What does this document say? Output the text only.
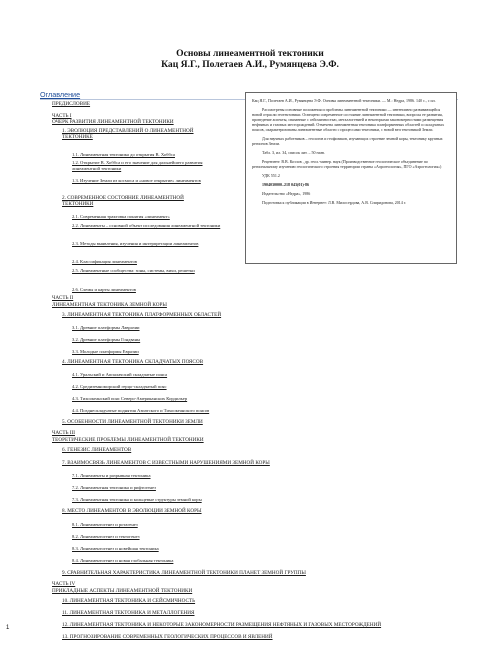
Основы линеаментной тектоники
Кац Я.Г., Полетаев А.И., Румянцева Э.Ф.
Оглавление

Кац Я.Г., Полетаев А.И., Румянцева Э.Ф. Основы линеаментной тектоники. — М.: Недра, 1986. 140 с., с ил.

Рассмотрены основные положения и проблемы линеаментной тектоники — интенсивно развивающейся новой отрасли геотектоники. Освещено современное состояние линеаментной тектоники, вопросы ее развития, проведение аспекты, связанные с сейсмичностью, металлогенией и некоторыми закономерностями размещения нефтяных и газовых месторождений. Отмечена линеаментная тектоника платформенных областей и складчатых поясов, охарактеризованы линеаментные области с процессами тектоники, с новой веп тектоникой Земли.

Для научных работников – геологов и геофизиков, изучающих строение земной коры, тектонику крупных регионов Земли.

Табл. 3, ил. 34, список лит. – 50 назв.

Рецензент: В.В. Козлов , др. геол.-минер. наук (Производственное геологическое объединение по региональному изучению геологического строения территории страны «Аэрогеология», ПГО «Аэрогеология»)

УДК 551.2

1904030000–218 043(01)-86

Издательство «Недра», 1986

Подготовка к публикации в Интернет: Л.В. Милосердова, А.В. Спиридонова, 2014 г.

ПРЕДИСЛОВИЕ
ЧАСТЬ I
ОЧЕРК РАЗВИТИЯ ЛИНЕАМЕНТНОЙ ТЕКТОНИКИ
1. ЭВОЛЮЦИЯ ПРЕДСТАВЛЕНИЙ О ЛИНЕАМЕНТНОЙ ТЕКТОНИКЕ
1.1. Линеаментная тектоника до открытия В. Хоббса
1.2. Открытие В. Хоббса и его значение для дальнейшего развития линеаментной тектоники
1.3. Изучение Земли из космоса и «новое открытие» линеаментов
2. СОВРЕМЕННОЕ СОСТОЯНИЕ ЛИНЕАМЕНТНОЙ ТЕКТОНИКИ
2.1. Современная трактовка понятия «линеамент»
2.2. Линеаменты – основной объект исследования линеаментной тектоники
2.3. Методы выявления, изучения и интерпретации линеаментов
2.4. Классификация линеаментов
2.5. Линеаментные сообщества: зоны, системы, вихи, решетки
2.6. Схемы и карты линеаментов
ЧАСТЬ II
ЛИНЕАМЕНТНАЯ ТЕКТОНИКА ЗЕМНОЙ КОРЫ
3. ЛИНЕАМЕНТНАЯ ТЕКТОНИКА ПЛАТФОРМЕННЫХ ОБЛАСТЕЙ
3.1. Древние платформы Лавразии
3.2. Древние платформы Гондваны
3.3. Молодые платформы Евразии
4. ЛИНЕАМЕНТНАЯ ТЕКТОНИКА СКЛАДЧАТЫХ ПОЯСОВ
4.1. Уральский и Аппалачский складчатые пояса
4.2. Средиземноморский герцо-складчатый пояс
4.3. Тихоокеанский пояс Северо-Американских Кордильер
4.4. Позднескладчатые поднятия Азиатского и Тихоокеанского поясов
5. ОСОБЕННОСТИ ЛИНЕАМЕНТНОЙ ТЕКТОНИКИ ЗЕМЛИ
ЧАСТЬ III
ТЕОРЕТИЧЕСКИЕ ПРОБЛЕМЫ ЛИНЕАМЕНТНОЙ ТЕКТОНИКИ
6. ГЕНЕЗИС ЛИНЕАМЕНТОВ
7. ВЗАИМОСВЯЗЬ ЛИНЕАМЕНТОВ С ИЗВЕСТНЫМИ НАРУШЕНИЯМИ ЗЕМНОЙ КОРЫ
7.1. Линеаменты и разрывная тектоника
7.2. Линеаментная тектоника и рифтогенез
7.3. Линеаментная тектоника и кольцевые структуры земной коры
8. МЕСТО ЛИНЕАМЕНТОВ В ЭВОЛЮЦИИ ЗЕМНОЙ КОРЫ
8.1. Линеаментогенез и ротагенез
8.2. Линеаментогенез и тектогенез
8.3. Линеаментогенез и новейшая тектоника
8.4. Линеаментогенез и новая глобальная тектоника
9. СРАВНИТЕЛЬНАЯ ХАРАКТЕРИСТИКА ЛИНЕАМЕНТНОЙ ТЕКТОНИКИ ПЛАНЕТ ЗЕМНОЙ ГРУППЫ
ЧАСТЬ IV
ПРИКЛАДНЫЕ АСПЕКТЫ ЛИНЕАМЕНТНОЙ ТЕКТОНИКИ
10. ЛИНЕАМЕНТНАЯ ТЕКТОНИКА И СЕЙСМИЧНОСТЬ
11. ЛИНЕАМЕНТНАЯ ТЕКТОНИКА И МЕТАЛЛОГЕНИЯ
12. ЛИНЕАМЕНТНАЯ ТЕКТОНИКА И НЕКОТОРЫЕ ЗАКОНОМЕРНОСТИ РАЗМЕЩЕНИЯ НЕФТЯНЫХ И ГАЗОВЫХ МЕСТОРОЖДЕНИЙ
13. ПРОГНОЗИРОВАНИЕ СОВРЕМЕННЫХ ГЕОЛОГИЧЕСКИХ ПРОЦЕССОВ И ЯВЛЕНИЙ
1
